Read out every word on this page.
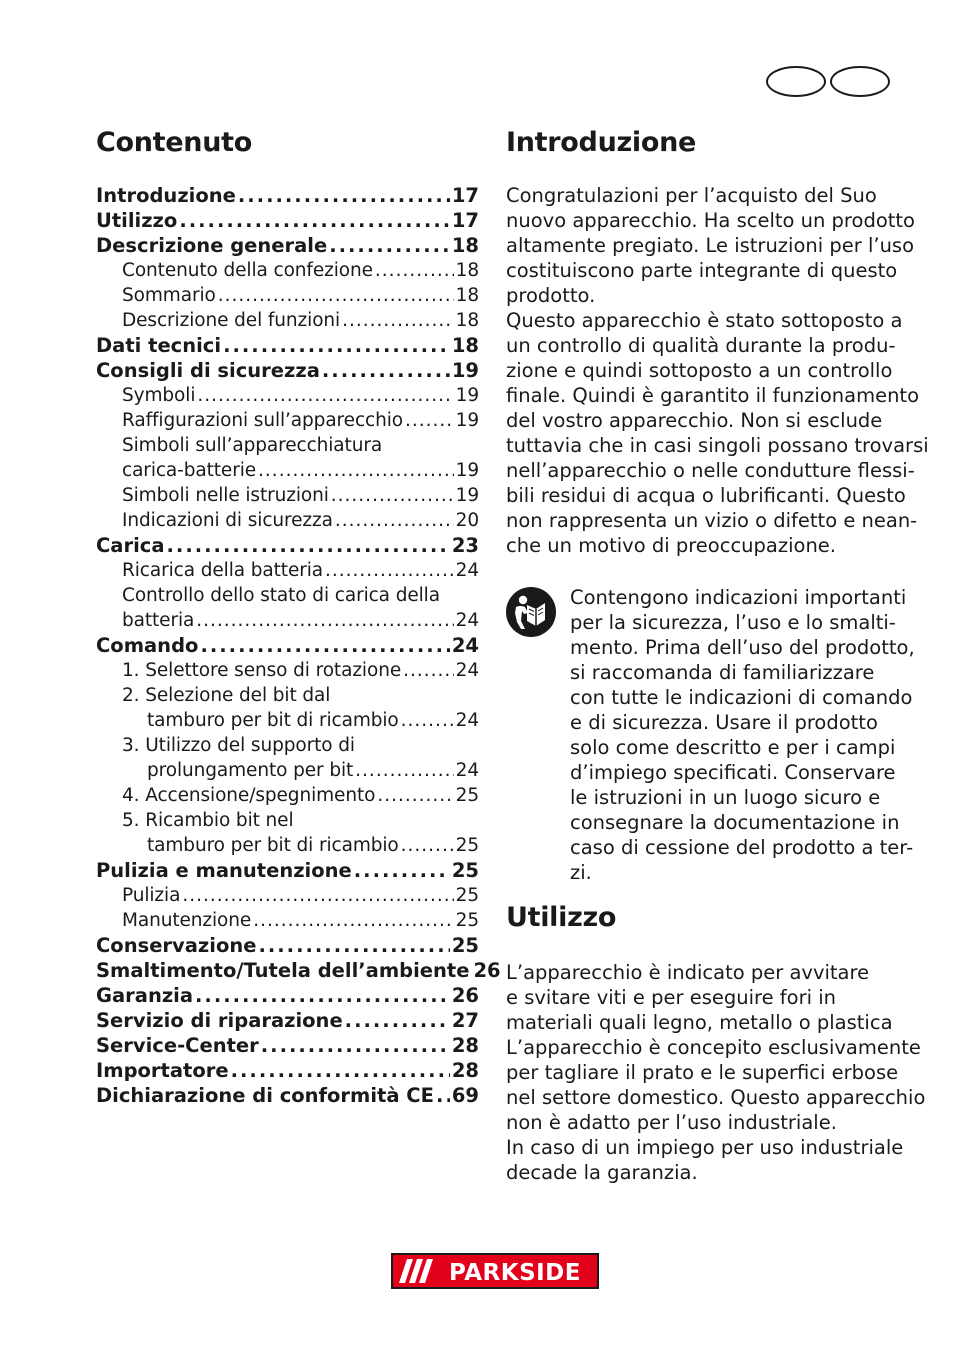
Contenuto
Introduzione .....	17
Utilizzo .....	17
Descrizione generale .....	18
Contenuto della confezione .....	18
Sommario .....	18
Descrizione del funzioni .....	18
Dati tecnici .....	18
Consigli di sicurezza .....	19
Symboli .....	19
Raffigurazioni sull’apparecchio .....	19
Simboli sull’apparecchiatura
carica-batterie .....	19
Simboli nelle istruzioni .....	19
Indicazioni di sicurezza .....	20
Carica .....	23
Ricarica della batteria .....	24
Controllo dello stato di carica della
batteria .....	24
Comando .....	24
1. Selettore senso di rotazione .....	24
2. Selezione del bit dal
tamburo per bit di ricambio .....	24
3. Utilizzo del supporto di
prolungamento per bit .....	24
4. Accensione/spegnimento .....	25
5. Ricambio bit nel
tamburo per bit di ricambio .....	25
Pulizia e manutenzione .....	25
Pulizia .....	25
Manutenzione .....	25
Conservazione .....	25
Smaltimento/Tutela dell’ambiente 26
Garanzia .....	26
Servizio di riparazione .....	27
Service-Center .....	28
Importatore .....	28
Dichiarazione di conformità CE ..... 69
Introduzione
Congratulazioni per l’acquisto del Suo
nuovo apparecchio. Ha scelto un prodotto
altamente pregiato. Le istruzioni per l’uso
costituiscono parte integrante di questo
prodotto.
Questo apparecchio è stato sottoposto a
un controllo di qualità durante la produ-
zione e quindi sottoposto a un controllo
finale. Quindi è garantito il funzionamento
del vostro apparecchio. Non si esclude
tuttavia che in casi singoli possano trovarsi
nell’apparecchio o nelle condutture flessi-
bili residui di acqua o lubrificanti. Questo
non rappresenta un vizio o difetto e nean-
che un motivo di preoccupazione.
Contengono indicazioni importanti
per la sicurezza, l’uso e lo smalti-
mento. Prima dell’uso del prodotto,
si raccomanda di familiarizzare
con tutte le indicazioni di comando
e di sicurezza. Usare il prodotto
solo come descritto e per i campi
d’impiego specificati. Conservare
le istruzioni in un luogo sicuro e
consegnare la documentazione in
caso di cessione del prodotto a ter-
zi.
Utilizzo
L’apparecchio è indicato per avvitare
e svitare viti e per eseguire fori in
materiali quali legno, metallo o plastica
L’apparecchio è concepito esclusivamente
per tagliare il prato e le superfici erbose
nel settore domestico. Questo apparecchio
non è adatto per l’uso industriale.
In caso di un impiego per uso industriale
decade la garanzia.
PARKSIDE
